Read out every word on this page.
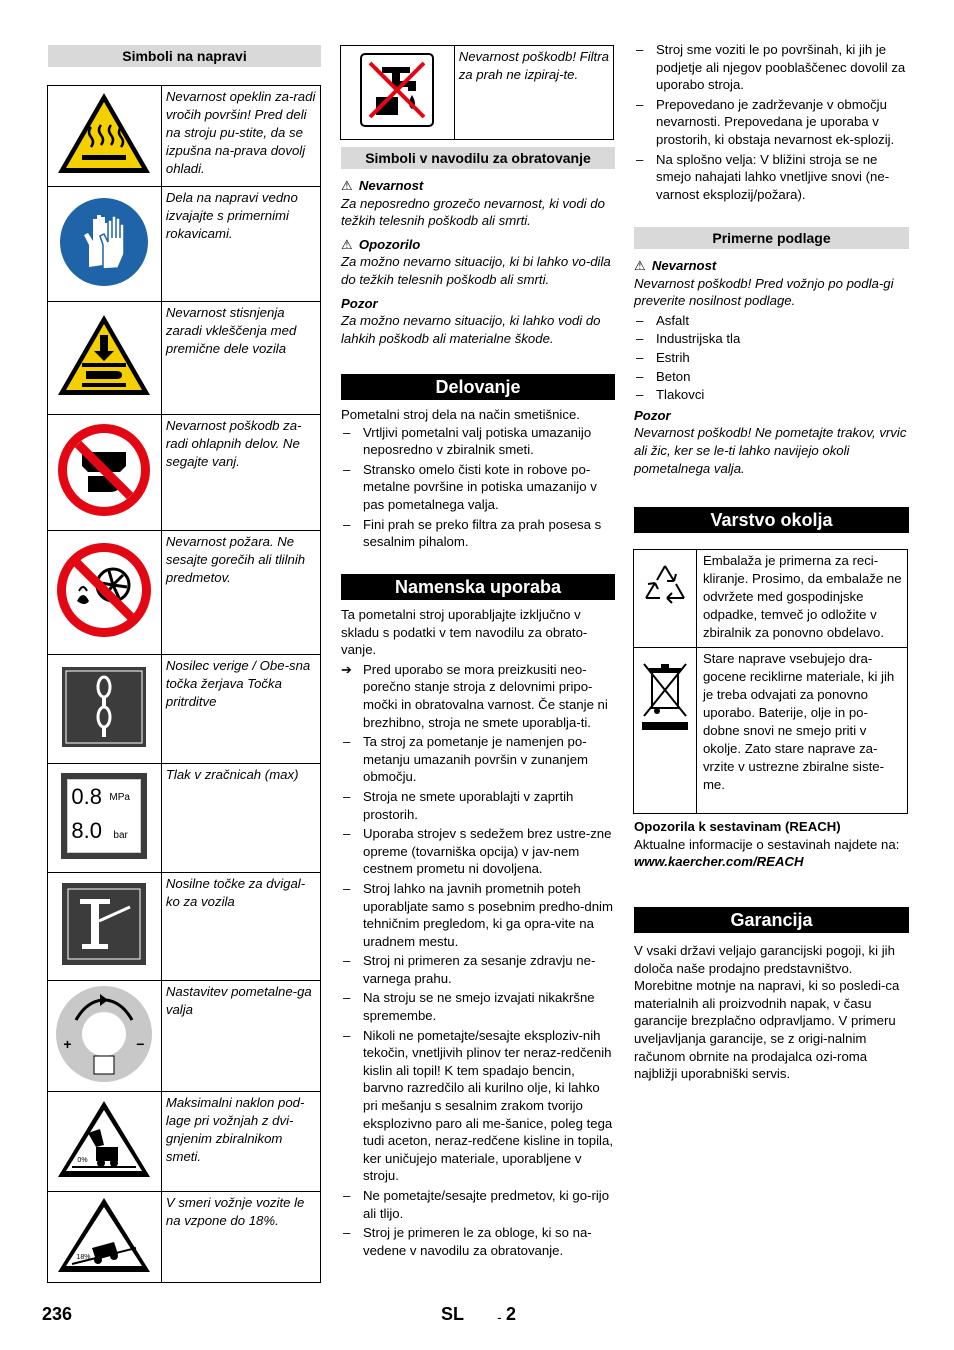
Simboli na napravi
	Nevarnost opeklin za-radi vročih površin! Pred deli na stroju pu-stite, da se izpušna na-prava dovolj ohladi.
	Dela na napravi vedno izvajajte s primernimi rokavicami.
	Nevarnost stisnjenja zaradi vkleščenja med premične dele vozila
	Nevarnost poškodb za-radi ohlapnih delov. Ne segajte vanj.
	Nevarnost požara. Ne sesajte gorečih ali tlilnih predmetov.
	Nosilec verige / Obe-sna točka žerjava Točka pritrditve

0.8 MPa
8.0 bar	Tlak v zračnicah (max)
	Nosilne točke za dvigal-ko za vozila

+ −	Nastavitev pometalne-ga valja

0%	Maksimalni naklon pod-lage pri vožnjah z dvi-gnjenim zbiralnikom smeti.

18%	V smeri vožnje vozite le na vzpone do 18%.
	Nevarnost poškodb! Filtra za prah ne izpiraj-te.
Simboli v navodilu za obratovanje

⚠ Nevarnost

Za neposredno grozečo nevarnost, ki vodi do težkih telesnih poškodb ali smrti.

⚠ Opozorilo

Za možno nevarno situacijo, ki bi lahko vo-dila do težkih telesnih poškodb ali smrti.

Pozor

Za možno nevarno situacijo, ki lahko vodi do lahkih poškodb ali materialne škode.

Delovanje

Pometalni stroj dela na način smetišnice.

– Vrtljivi pometalni valj potiska umazanijo neposredno v zbiralnik smeti.
– Stransko omelo čisti kote in robove po-metalne površine in potiska umazanijo v pas pometalnega valja.
– Fini prah se preko filtra za prah posesa s sesalnim pihalom.
Namenska uporaba

Ta pometalni stroj uporabljajte izključno v skladu s podatki v tem navodilu za obrato-vanje.

➔ Pred uporabo se mora preizkusiti neo-porečno stanje stroja z delovnimi pripo-močki in obratovalna varnost. Če stanje ni brezhibno, stroja ne smete uporablja-ti.

– Ta stroj za pometanje je namenjen po-metanju umazanih površin v zunanjem območju.
– Stroja ne smete uporablajti v zaprtih prostorih.
– Uporaba strojev s sedežem brez ustre-zne opreme (tovarniška opcija) v jav-nem cestnem prometu ni dovoljena.
– Stroj lahko na javnih prometnih poteh uporabljate samo s posebnim predho-dnim tehničnim pregledom, ki ga opra-vite na uradnem mestu.
– Stroj ni primeren za sesanje zdravju ne-varnega prahu.
– Na stroju se ne smejo izvajati nikakršne spremembe.
– Nikoli ne pometajte/sesajte eksploziv-nih tekočin, vnetljivih plinov ter neraz-redčenih kislin ali topil! K tem spadajo bencin, barvno razredčilo ali kurilno olje, ki lahko pri mešanju s sesalnim zrakom tvorijo eksplozivno paro ali me-šanice, poleg tega tudi aceton, neraz-redčene kisline in topila, ker uničujejo materiale, uporabljene v stroju.
– Ne pometajte/sesajte predmetov, ki go-rijo ali tlijo.
– Stroj je primeren le za obloge, ki so na-vedene v navodilu za obratovanje.
– Stroj sme voziti le po površinah, ki jih je podjetje ali njegov pooblaščenec dovolil za uporabo stroja.
– Prepovedano je zadrževanje v območju nevarnosti. Prepovedana je uporaba v prostorih, ki obstaja nevarnost ek-splozij.
– Na splošno velja: V bližini stroja se ne smejo nahajati lahko vnetljive snovi (ne-varnost eksplozij/požara).
Primerne podlage

⚠ Nevarnost

Nevarnost poškodb! Pred vožnjo po podla-gi preverite nosilnost podlage.

– Asfalt
– Industrijska tla
– Estrih
– Beton
– Tlakovci

Pozor

Nevarnost poškodb! Ne pometajte trakov, vrvic ali žic, ker se le-ti lahko navijejo okoli pometalnega valja.

Varstvo okolja
	Embalaža je primerna za reci-kliranje. Prosimo, da embalaže ne odvržete med gospodinjske odpadke, temveč jo odložite v zbiralnik za ponovno obdelavo.
	Stare naprave vsebujejo dra-gocene reciklirne materiale, ki jih je treba odvajati za ponovno uporabo. Baterije, olje in po-dobne snovi ne smejo priti v okolje. Zato stare naprave za-vrzite v ustrezne zbiralne siste-me.

Opozorila k sestavinam (REACH)

Aktualne informacije o sestavinah najdete na:

www.kaercher.com/REACH

Garancija

V vsaki državi veljajo garancijski pogoji, ki jih določa naše prodajno predstavništvo. Morebitne motnje na napravi, ki so posledi-ca materialnih ali proizvodnih napak, v času garancije brezplačno odpravljamo. V primeru uveljavljanja garancije, se z origi-nalnim računom obrnite na prodajalca ozi-roma najbližji uporabniški servis.

236	SL - 2
